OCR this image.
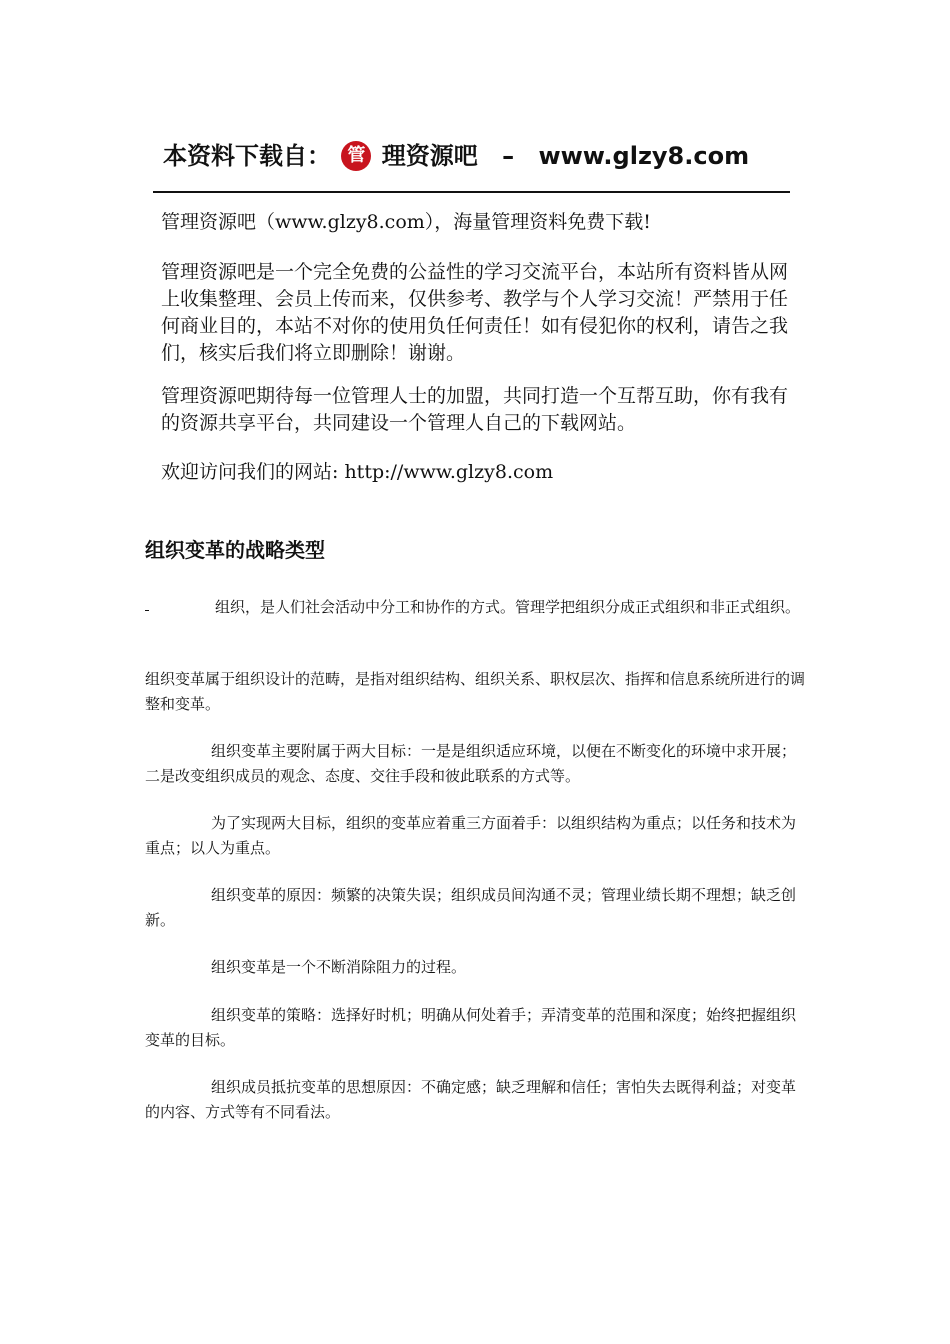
本资料下载自： 管 理资源吧 – www.glzy8.com

管理资源吧（www.glzy8.com），海量管理资料免费下载!

管理资源吧是一个完全免费的公益性的学习交流平台，本站所有资料皆从网上收集整理、会员上传而来，仅供参考、教学与个人学习交流！严禁用于任何商业目的，本站不对你的使用负任何责任！如有侵犯你的权利，请告之我们，核实后我们将立即删除！谢谢。

管理资源吧期待每一位管理人士的加盟，共同打造一个互帮互助，你有我有的资源共享平台，共同建设一个管理人自己的下载网站。

欢迎访问我们的网站: http://www.glzy8.com

组织变革的战略类型

组织，是人们社会活动中分工和协作的方式。管理学把组织分成正式组织和非正式组织。

组织变革属于组织设计的范畴，是指对组织结构、组织关系、职权层次、指挥和信息系统所进行的调整和变革。

组织变革主要附属于两大目标：一是是组织适应环境，以便在不断变化的环境中求开展；二是改变组织成员的观念、态度、交往手段和彼此联系的方式等。

为了实现两大目标，组织的变革应着重三方面着手：以组织结构为重点；以任务和技术为重点；以人为重点。

组织变革的原因：频繁的决策失误；组织成员间沟通不灵；管理业绩长期不理想；缺乏创新。

组织变革是一个不断消除阻力的过程。

组织变革的策略：选择好时机；明确从何处着手；弄清变革的范围和深度；始终把握组织变革的目标。

组织成员抵抗变革的思想原因：不确定感；缺乏理解和信任；害怕失去既得利益；对变革的内容、方式等有不同看法。
